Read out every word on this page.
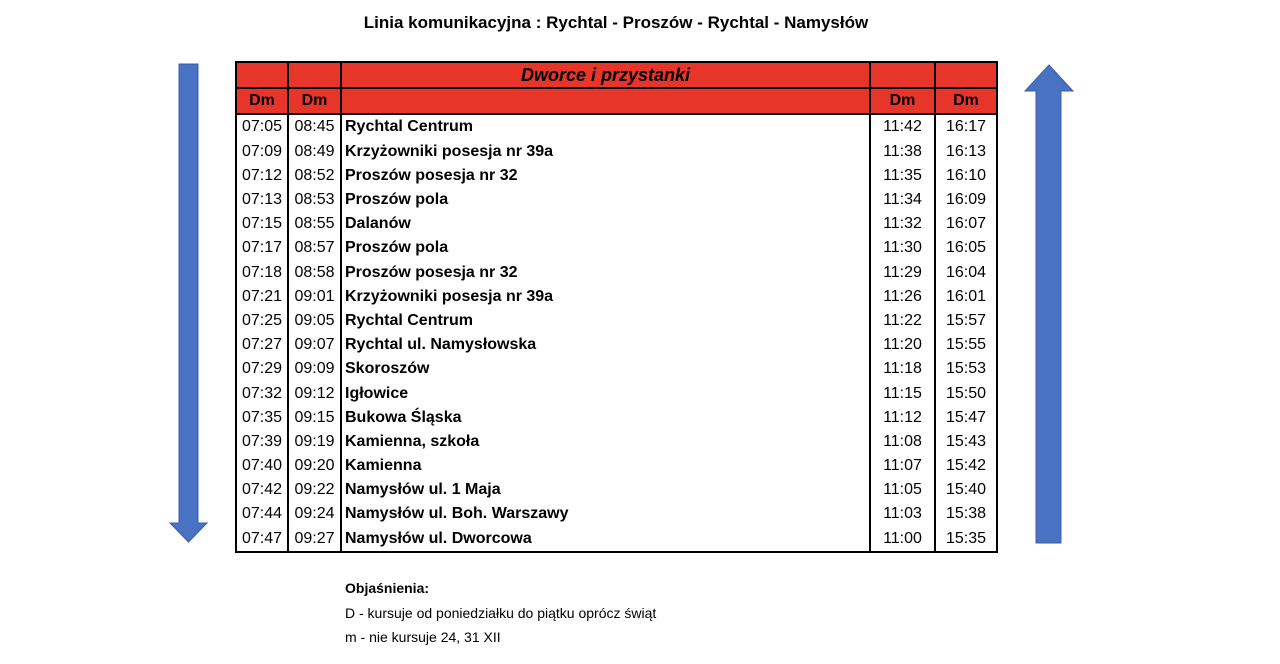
Linia komunikacyjna : Rychtal - Proszów - Rychtal - Namysłów
		Dworce i przystanki		
Dm	Dm		Dm	Dm
07:05	08:45	Rychtal Centrum	11:42	16:17
07:09	08:49	Krzyżowniki posesja nr 39a	11:38	16:13
07:12	08:52	Proszów posesja nr 32	11:35	16:10
07:13	08:53	Proszów pola	11:34	16:09
07:15	08:55	Dalanów	11:32	16:07
07:17	08:57	Proszów pola	11:30	16:05
07:18	08:58	Proszów posesja nr 32	11:29	16:04
07:21	09:01	Krzyżowniki posesja nr 39a	11:26	16:01
07:25	09:05	Rychtal Centrum	11:22	15:57
07:27	09:07	Rychtal ul. Namysłowska	11:20	15:55
07:29	09:09	Skoroszów	11:18	15:53
07:32	09:12	Igłowice	11:15	15:50
07:35	09:15	Bukowa Śląska	11:12	15:47
07:39	09:19	Kamienna, szkoła	11:08	15:43
07:40	09:20	Kamienna	11:07	15:42
07:42	09:22	Namysłów ul. 1 Maja	11:05	15:40
07:44	09:24	Namysłów ul. Boh. Warszawy	11:03	15:38
07:47	09:27	Namysłów ul. Dworcowa	11:00	15:35
Objaśnienia:
D - kursuje od poniedziałku do piątku oprócz świąt
m - nie kursuje 24, 31 XII
